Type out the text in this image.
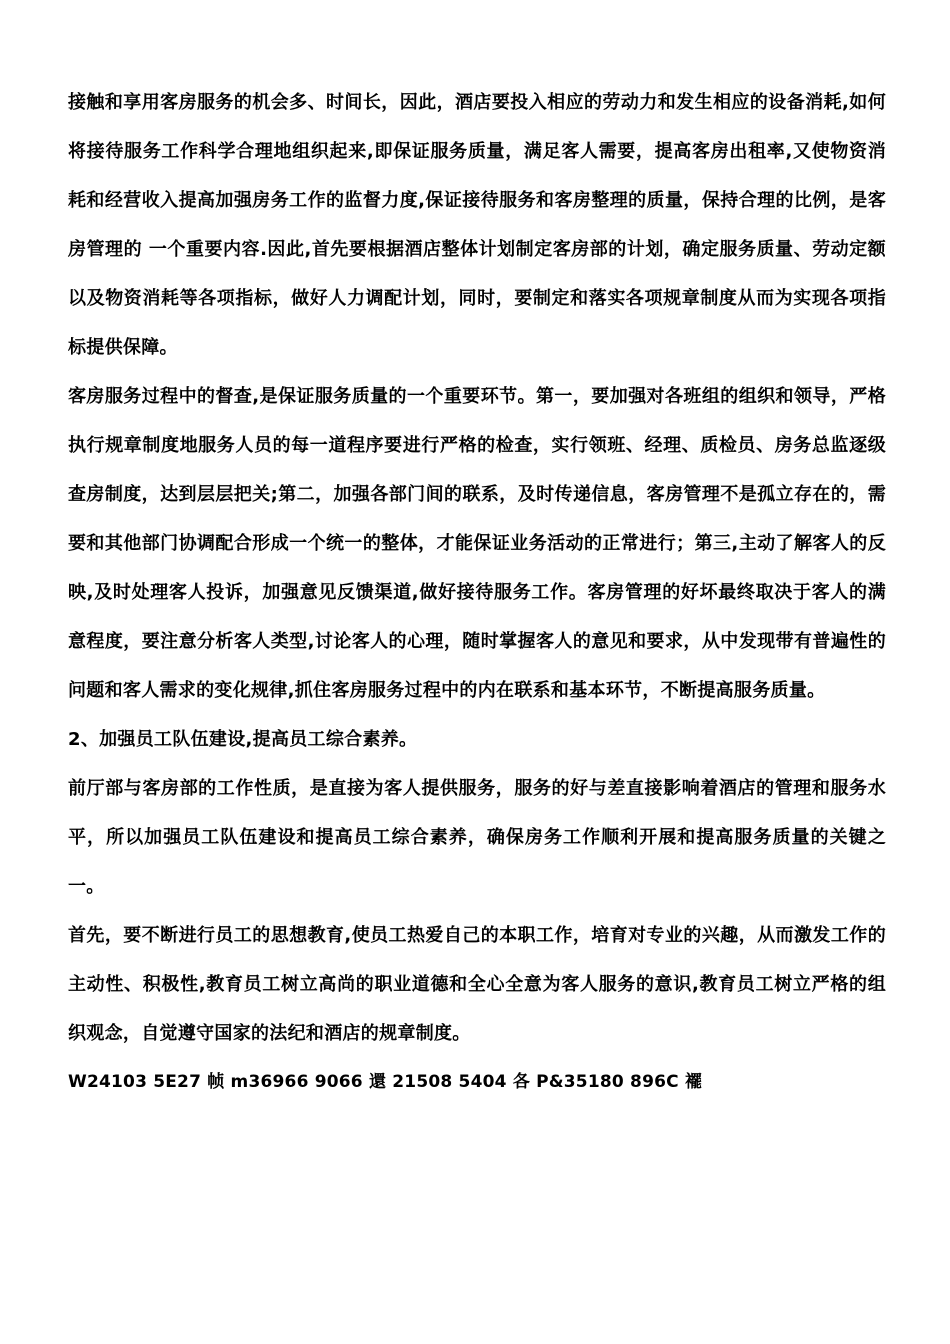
接触和享用客房服务的机会多、时间长，因此，酒店要投入相应的劳动力和发生相应的设备消耗,如何将接待服务工作科学合理地组织起来,即保证服务质量，满足客人需要，提高客房出租率,又使物资消耗和经营收入提高加强房务工作的监督力度,保证接待服务和客房整理的质量，保持合理的比例，是客房管理的 一个重要内容.因此,首先要根据酒店整体计划制定客房部的计划，确定服务质量、劳动定额以及物资消耗等各项指标，做好人力调配计划，同时，要制定和落实各项规章制度从而为实现各项指标提供保障。

客房服务过程中的督查,是保证服务质量的一个重要环节。第一，要加强对各班组的组织和领导，严格执行规章制度地服务人员的每一道程序要进行严格的检查，实行领班、经理、质检员、房务总监逐级查房制度，达到层层把关;第二，加强各部门间的联系，及时传递信息，客房管理不是孤立存在的，需要和其他部门协调配合形成一个统一的整体，才能保证业务活动的正常进行；第三,主动了解客人的反映,及时处理客人投诉，加强意见反馈渠道,做好接待服务工作。客房管理的好坏最终取决于客人的满意程度，要注意分析客人类型,讨论客人的心理，随时掌握客人的意见和要求，从中发现带有普遍性的问题和客人需求的变化规律,抓住客房服务过程中的内在联系和基本环节，不断提高服务质量。

2、加强员工队伍建设,提高员工综合素养。

前厅部与客房部的工作性质，是直接为客人提供服务，服务的好与差直接影响着酒店的管理和服务水平，所以加强员工队伍建设和提高员工综合素养，确保房务工作顺利开展和提高服务质量的关键之一。

首先，要不断进行员工的思想教育,使员工热爱自己的本职工作，培育对专业的兴趣，从而激发工作的主动性、积极性,教育员工树立高尚的职业道德和全心全意为客人服务的意识,教育员工树立严格的组织观念，自觉遵守国家的法纪和酒店的规章制度。

W24103 5E27 帧 m36966 9066 還 21508 5404 各 P&35180 896C 襬
